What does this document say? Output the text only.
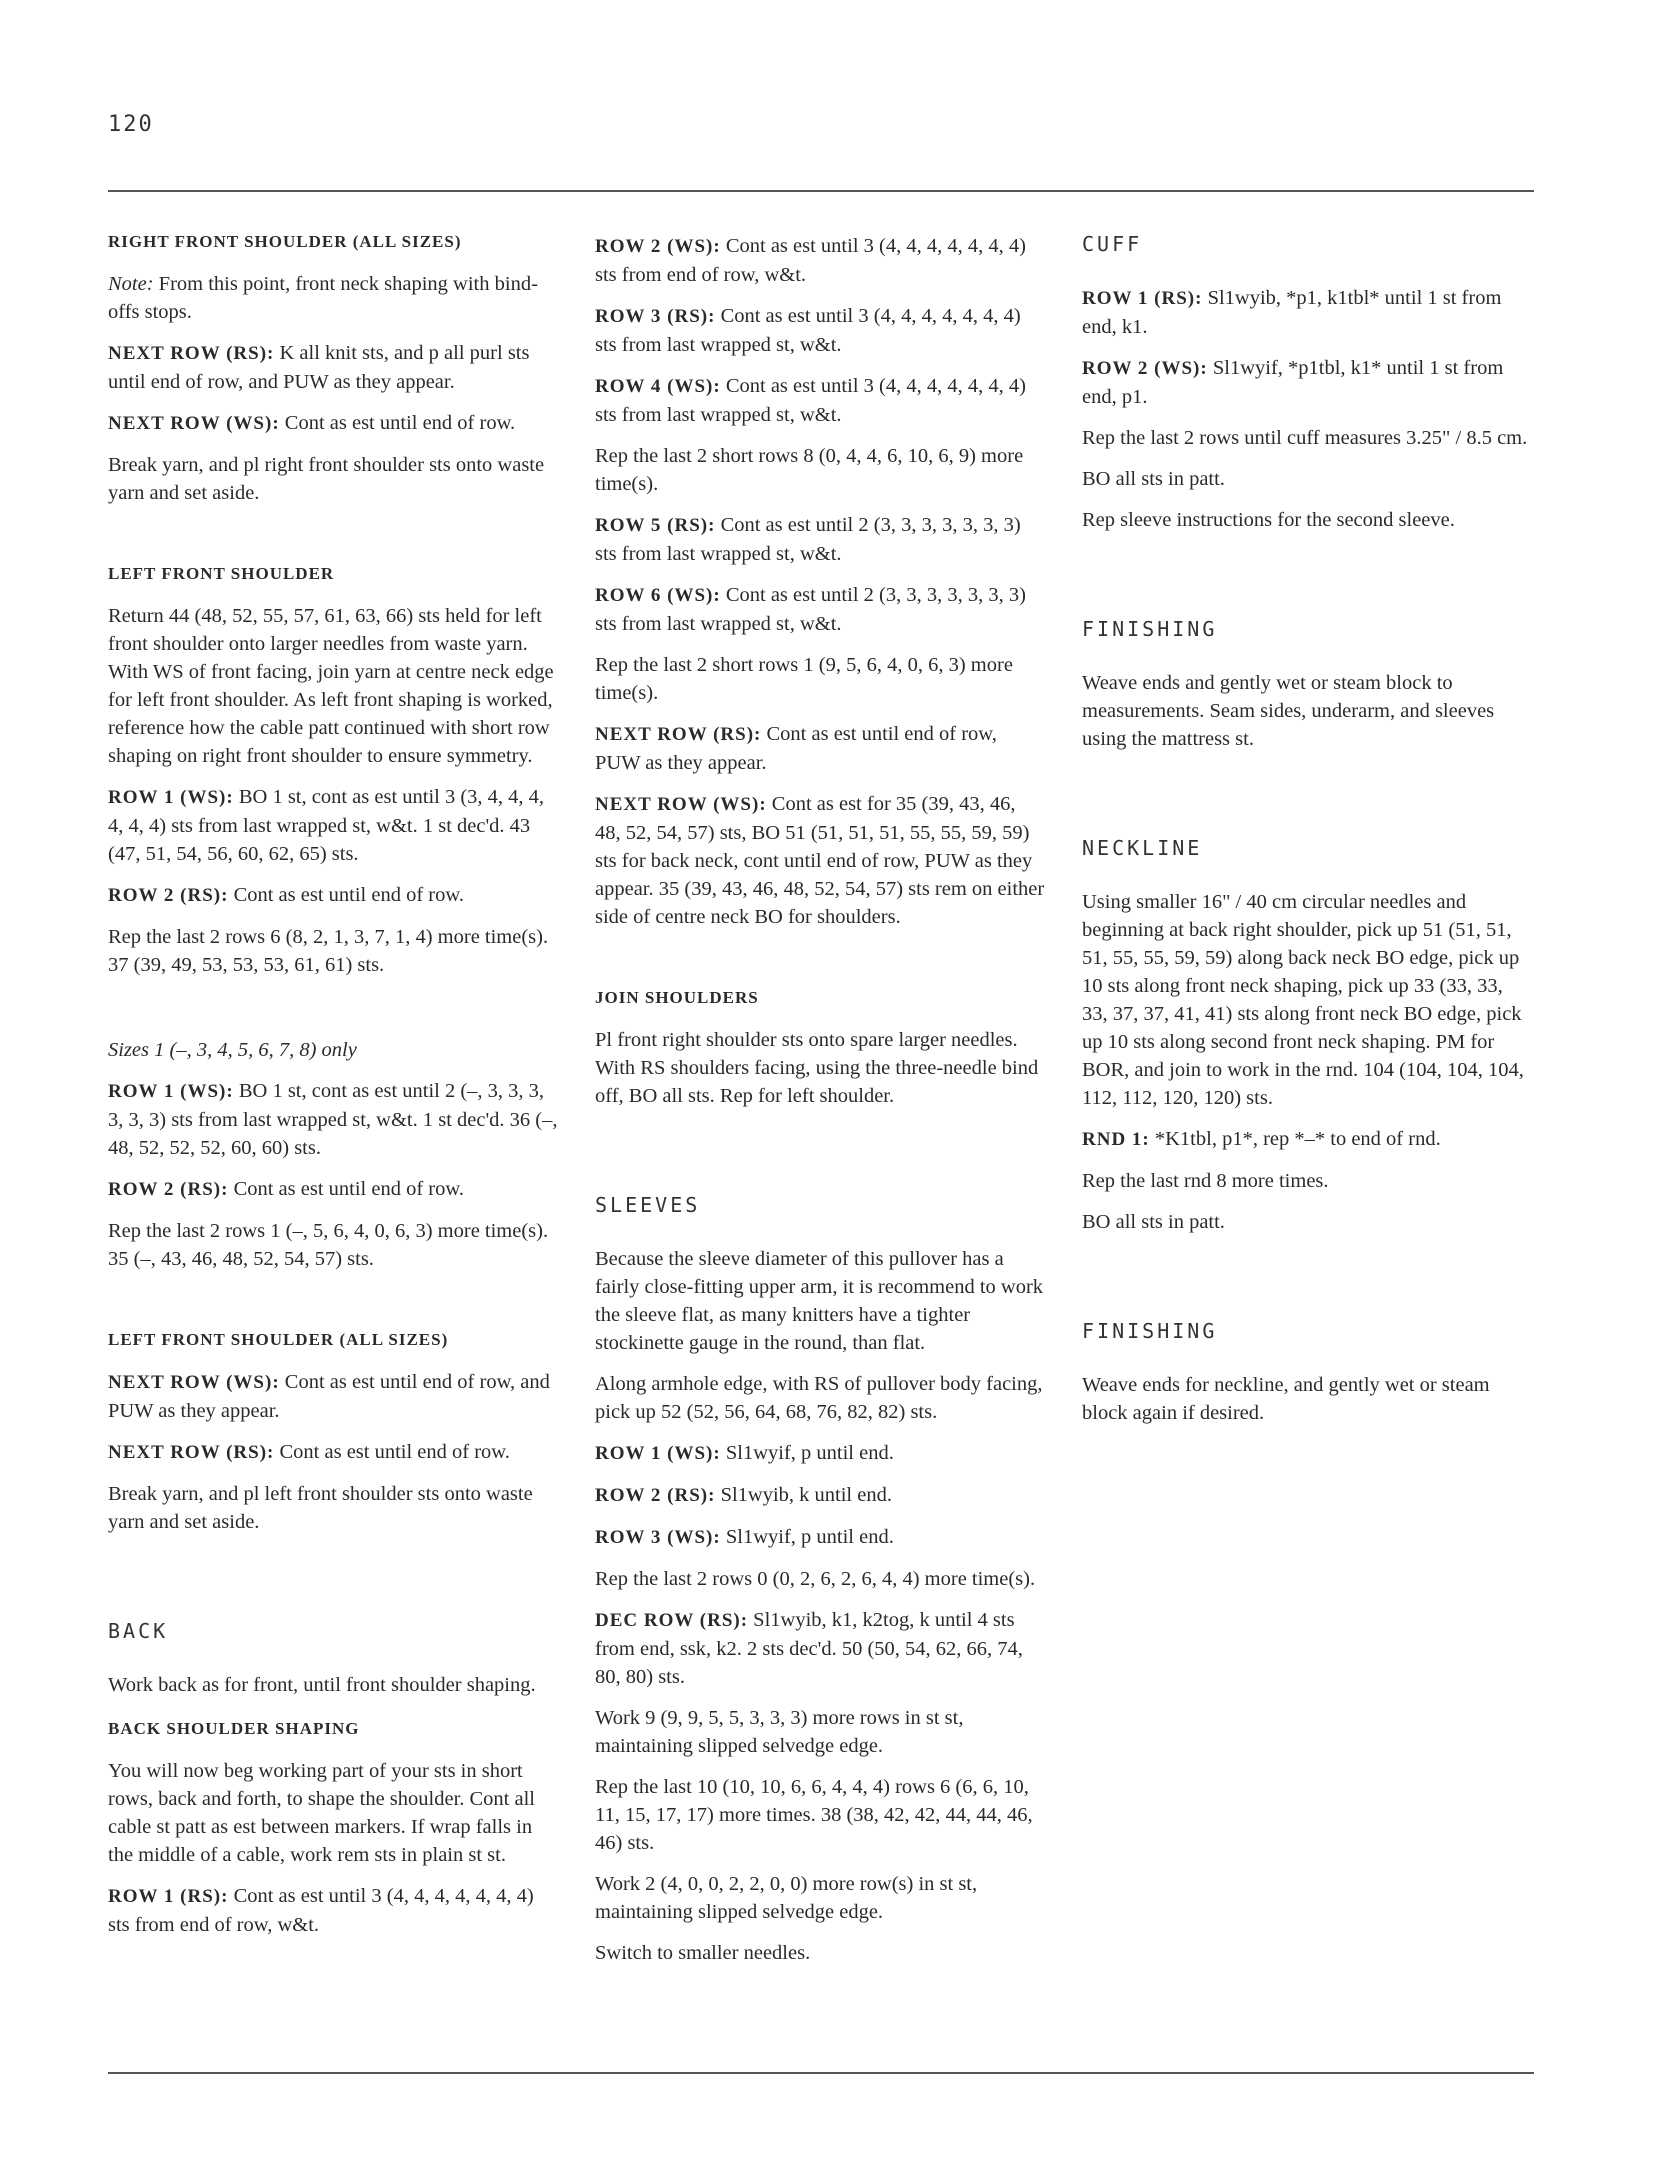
120
RIGHT FRONT SHOULDER (ALL SIZES)

Note: From this point, front neck shaping with bind-offs stops.

NEXT ROW (RS): K all knit sts, and p all purl sts until end of row, and PUW as they appear.

NEXT ROW (WS): Cont as est until end of row.

Break yarn, and pl right front shoulder sts onto waste yarn and set aside.

LEFT FRONT SHOULDER

Return 44 (48, 52, 55, 57, 61, 63, 66) sts held for left front shoulder onto larger needles from waste yarn. With WS of front facing, join yarn at centre neck edge for left front shoulder. As left front shaping is worked, reference how the cable patt continued with short row shaping on right front shoulder to ensure symmetry.

ROW 1 (WS): BO 1 st, cont as est until 3 (3, 4, 4, 4, 4, 4, 4) sts from last wrapped st, w&t. 1 st dec'd. 43 (47, 51, 54, 56, 60, 62, 65) sts.

ROW 2 (RS): Cont as est until end of row.

Rep the last 2 rows 6 (8, 2, 1, 3, 7, 1, 4) more time(s). 37 (39, 49, 53, 53, 53, 61, 61) sts.

Sizes 1 (–, 3, 4, 5, 6, 7, 8) only

ROW 1 (WS): BO 1 st, cont as est until 2 (–, 3, 3, 3, 3, 3, 3) sts from last wrapped st, w&t. 1 st dec'd. 36 (–, 48, 52, 52, 52, 60, 60) sts.

ROW 2 (RS): Cont as est until end of row.

Rep the last 2 rows 1 (–, 5, 6, 4, 0, 6, 3) more time(s). 35 (–, 43, 46, 48, 52, 54, 57) sts.

LEFT FRONT SHOULDER (ALL SIZES)

NEXT ROW (WS): Cont as est until end of row, and PUW as they appear.

NEXT ROW (RS): Cont as est until end of row.

Break yarn, and pl left front shoulder sts onto waste yarn and set aside.

BACK

Work back as for front, until front shoulder shaping.

BACK SHOULDER SHAPING

You will now beg working part of your sts in short rows, back and forth, to shape the shoulder. Cont all cable st patt as est between markers. If wrap falls in the middle of a cable, work rem sts in plain st st.

ROW 1 (RS): Cont as est until 3 (4, 4, 4, 4, 4, 4, 4) sts from end of row, w&t.

ROW 2 (WS): Cont as est until 3 (4, 4, 4, 4, 4, 4, 4) sts from end of row, w&t.

ROW 3 (RS): Cont as est until 3 (4, 4, 4, 4, 4, 4, 4) sts from last wrapped st, w&t.

ROW 4 (WS): Cont as est until 3 (4, 4, 4, 4, 4, 4, 4) sts from last wrapped st, w&t.

Rep the last 2 short rows 8 (0, 4, 4, 6, 10, 6, 9) more time(s).

ROW 5 (RS): Cont as est until 2 (3, 3, 3, 3, 3, 3, 3) sts from last wrapped st, w&t.

ROW 6 (WS): Cont as est until 2 (3, 3, 3, 3, 3, 3, 3) sts from last wrapped st, w&t.

Rep the last 2 short rows 1 (9, 5, 6, 4, 0, 6, 3) more time(s).

NEXT ROW (RS): Cont as est until end of row, PUW as they appear.

NEXT ROW (WS): Cont as est for 35 (39, 43, 46, 48, 52, 54, 57) sts, BO 51 (51, 51, 51, 55, 55, 59, 59) sts for back neck, cont until end of row, PUW as they appear. 35 (39, 43, 46, 48, 52, 54, 57) sts rem on either side of centre neck BO for shoulders.

JOIN SHOULDERS

Pl front right shoulder sts onto spare larger needles. With RS shoulders facing, using the three-needle bind off, BO all sts. Rep for left shoulder.

SLEEVES

Because the sleeve diameter of this pullover has a fairly close-fitting upper arm, it is recommend to work the sleeve flat, as many knitters have a tighter stockinette gauge in the round, than flat.

Along armhole edge, with RS of pullover body facing, pick up 52 (52, 56, 64, 68, 76, 82, 82) sts.

ROW 1 (WS): Sl1wyif, p until end.

ROW 2 (RS): Sl1wyib, k until end.

ROW 3 (WS): Sl1wyif, p until end.

Rep the last 2 rows 0 (0, 2, 6, 2, 6, 4, 4) more time(s).

DEC ROW (RS): Sl1wyib, k1, k2tog, k until 4 sts from end, ssk, k2. 2 sts dec'd. 50 (50, 54, 62, 66, 74, 80, 80) sts.

Work 9 (9, 9, 5, 5, 3, 3, 3) more rows in st st, maintaining slipped selvedge edge.

Rep the last 10 (10, 10, 6, 6, 4, 4, 4) rows 6 (6, 6, 10, 11, 15, 17, 17) more times. 38 (38, 42, 42, 44, 44, 46, 46) sts.

Work 2 (4, 0, 0, 2, 2, 0, 0) more row(s) in st st, maintaining slipped selvedge edge.

Switch to smaller needles.

CUFF

ROW 1 (RS): Sl1wyib, *p1, k1tbl* until 1 st from end, k1.

ROW 2 (WS): Sl1wyif, *p1tbl, k1* until 1 st from end, p1.

Rep the last 2 rows until cuff measures 3.25" / 8.5 cm.

BO all sts in patt.

Rep sleeve instructions for the second sleeve.

FINISHING

Weave ends and gently wet or steam block to measurements. Seam sides, underarm, and sleeves using the mattress st.

NECKLINE

Using smaller 16" / 40 cm circular needles and beginning at back right shoulder, pick up 51 (51, 51, 51, 55, 55, 59, 59) along back neck BO edge, pick up 10 sts along front neck shaping, pick up 33 (33, 33, 33, 37, 37, 41, 41) sts along front neck BO edge, pick up 10 sts along second front neck shaping. PM for BOR, and join to work in the rnd. 104 (104, 104, 104, 112, 112, 120, 120) sts.

RND 1: *K1tbl, p1*, rep *–* to end of rnd.

Rep the last rnd 8 more times.

BO all sts in patt.

FINISHING

Weave ends for neckline, and gently wet or steam block again if desired.
